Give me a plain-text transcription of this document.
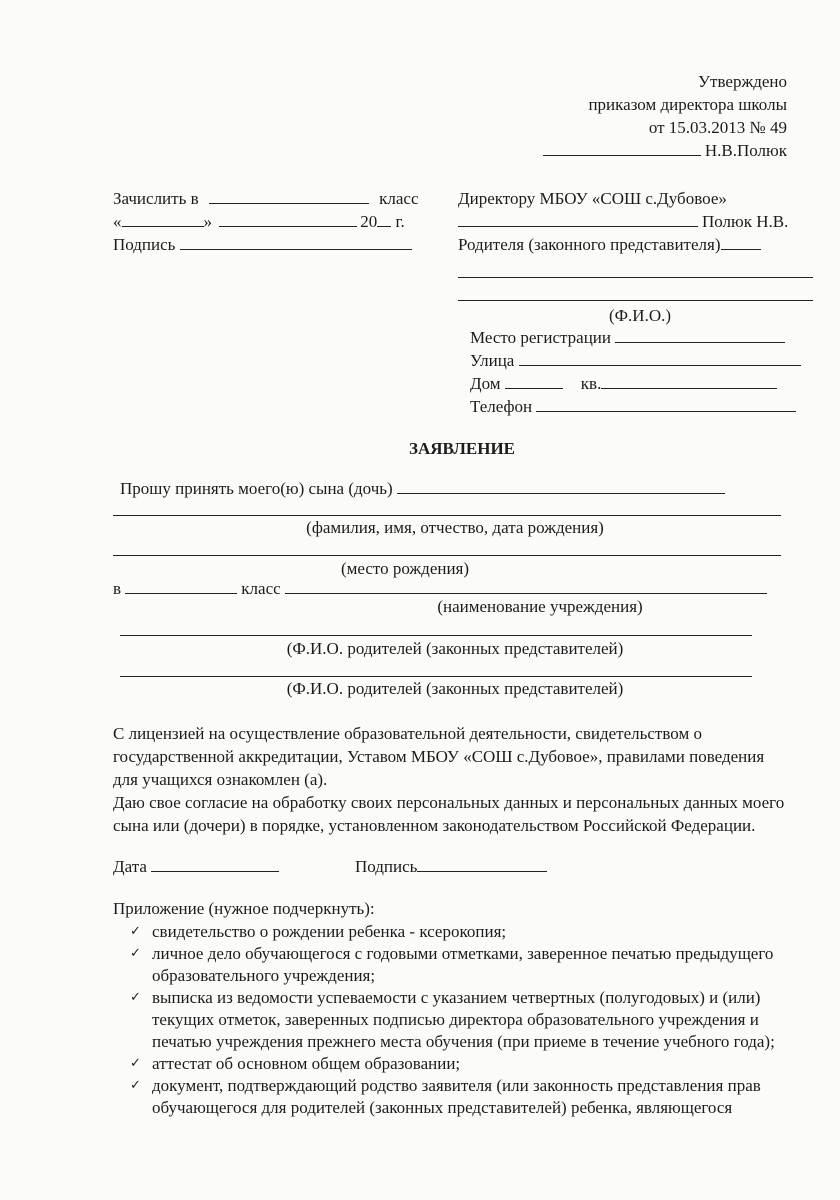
Утверждено
приказом директора школы
от 15.03.2013 № 49
Н.В.Полюк
Зачислить в	класс
«	»	20 г.
Подпись
Директору МБОУ «СОШ с.Дубовое»
Полюк Н.В.
Родителя (законного представителя)
(Ф.И.О.)
Место регистрации
Улица
Дом	кв.
Телефон
ЗАЯВЛЕНИЕ
Прошу принять моего(ю) сына (дочь)
(фамилия, имя, отчество, дата рождения)
(место рождения)
в	класс
(наименование учреждения)
(Ф.И.О. родителей (законных представителей)
(Ф.И.О. родителей (законных представителей)
С лицензией на осуществление образовательной деятельности, свидетельством о государственной аккредитации, Уставом МБОУ «СОШ с.Дубовое», правилами поведения для учащихся ознакомлен (а).
Даю свое согласие на обработку своих персональных данных и персональных данных моего сына или (дочери) в порядке, установленном законодательством Российской Федерации.
Дата	Подпись
Приложение (нужное подчеркнуть):
✓ свидетельство о рождении ребенка - ксерокопия;
✓ личное дело обучающегося с годовыми отметками, заверенное печатью предыдущего образовательного учреждения;
✓ выписка из ведомости успеваемости с указанием четвертных (полугодовых) и (или) текущих отметок, заверенных подписью директора образовательного учреждения и печатью учреждения прежнего места обучения (при приеме в течение учебного года);
✓ аттестат об основном общем образовании;
✓ документ, подтверждающий родство заявителя (или законность представления прав обучающегося для родителей (законных представителей) ребенка, являющегося
